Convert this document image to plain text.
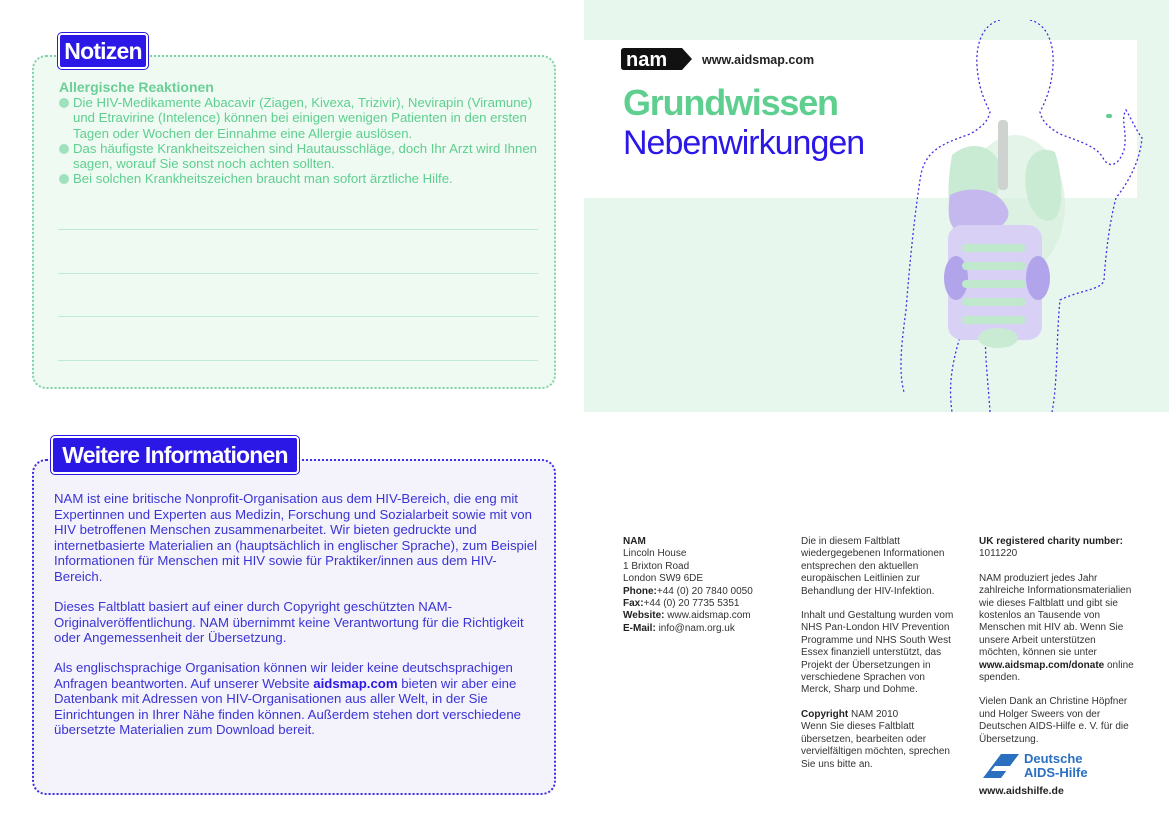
Notizen
Allergische Reaktionen
Die HIV-Medikamente Abacavir (Ziagen, Kivexa, Trizivir), Nevirapin (Viramune) und Etravirine (Intelence) können bei einigen wenigen Patienten in den ersten Tagen oder Wochen der Einnahme eine Allergie auslösen.
Das häufigste Krankheitszeichen sind Hautausschläge, doch Ihr Arzt wird Ihnen sagen, worauf Sie sonst noch achten sollten.
Bei solchen Krankheitszeichen braucht man sofort ärztliche Hilfe.
Weitere Informationen
NAM ist eine britische Nonprofit-Organisation aus dem HIV-Bereich, die eng mit Expertinnen und Experten aus Medizin, Forschung und Sozialarbeit sowie mit von HIV betroffenen Menschen zusammenarbeitet. Wir bieten gedruckte und internetbasierte Materialien an (hauptsächlich in englischer Sprache), zum Beispiel Informationen für Menschen mit HIV sowie für Praktiker/innen aus dem HIV-Bereich.
Dieses Faltblatt basiert auf einer durch Copyright geschützten NAM-Originalveröffentlichung. NAM übernimmt keine Verantwortung für die Richtigkeit oder Angemessenheit der Übersetzung.
Als englischsprachige Organisation können wir leider keine deutschsprachigen Anfragen beantworten. Auf unserer Website aidsmap.com bieten wir aber eine Datenbank mit Adressen von HIV-Organisationen aus aller Welt, in der Sie Einrichtungen in Ihrer Nähe finden können. Außerdem stehen dort verschiedene übersetzte Materialien zum Download bereit.
nam	www.aidsmap.com
Grundwissen
Nebenwirkungen
NAM
Lincoln House
1 Brixton Road
London SW9 6DE
Phone:+44 (0) 20 7840 0050
Fax:+44 (0) 20 7735 5351
Website: www.aidsmap.com
E-Mail: info@nam.org.uk
Die in diesem Faltblatt wiedergegebenen Informationen entsprechen den aktuellen europäischen Leitlinien zur Behandlung der HIV-Infektion.
Inhalt und Gestaltung wurden vom NHS Pan-London HIV Prevention Programme und NHS South West Essex finanziell unterstützt, das Projekt der Übersetzungen in verschiedene Sprachen von Merck, Sharp und Dohme.
Copyright NAM 2010
Wenn Sie dieses Faltblatt übersetzen, bearbeiten oder vervielfältigen möchten, sprechen Sie uns bitte an.
UK registered charity number:
1011220
NAM produziert jedes Jahr zahlreiche Informationsmaterialien wie dieses Faltblatt und gibt sie kostenlos an Tausende von Menschen mit HIV ab. Wenn Sie unsere Arbeit unterstützen möchten, können sie unter www.aidsmap.com/donate online spenden.
Vielen Dank an Christine Höpfner und Holger Sweers von der Deutschen AIDS-Hilfe e. V. für die Übersetzung.
Deutsche
AIDS-Hilfe
www.aidshilfe.de
